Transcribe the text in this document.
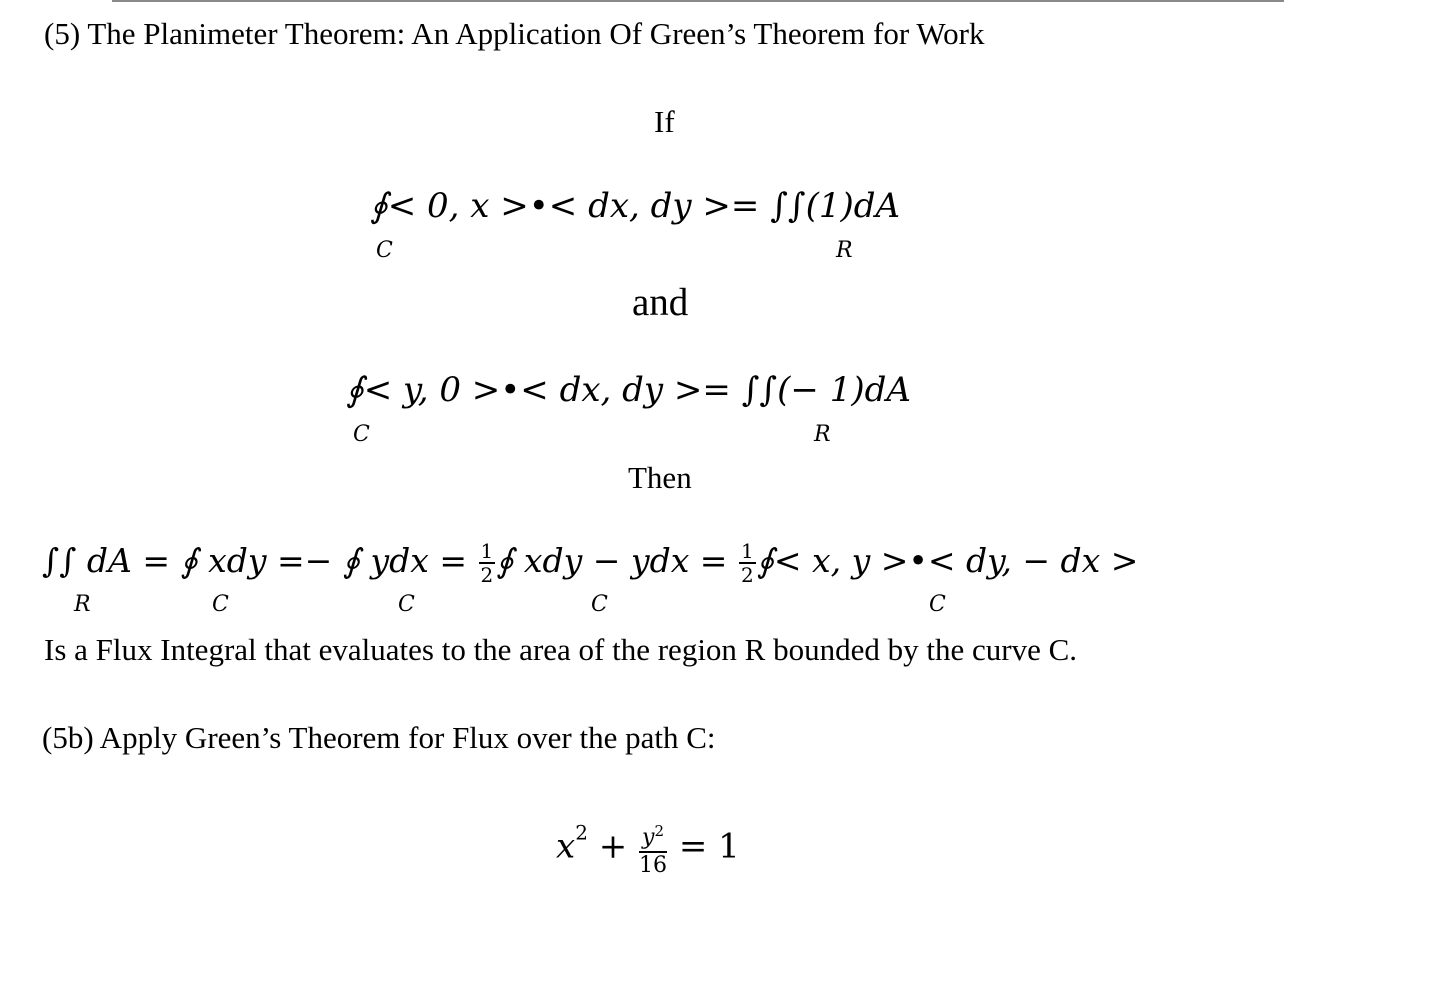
(5) The Planimeter Theorem: An Application Of Green’s Theorem for Work
If
∮< 0, x >•< dx, dy >= ∫∫(1)dA
C	R
and
∮< y, 0 >•< dx, dy >= ∫∫(− 1)dA
C	R
Then
∫∫ dA = ∮ xdy =− ∮ ydx = $\frac{1}{2}$ ∮ xdy − ydx = $\frac{1}{2}$ ∮< x, y >•< dy, − dx >
R	C	C	C	C
Is a Flux Integral that evaluates to the area of the region R bounded by the curve C.
(5b) Apply Green’s Theorem for Flux over the path C:
$x^2 + \frac{y^2}{16} = 1$
